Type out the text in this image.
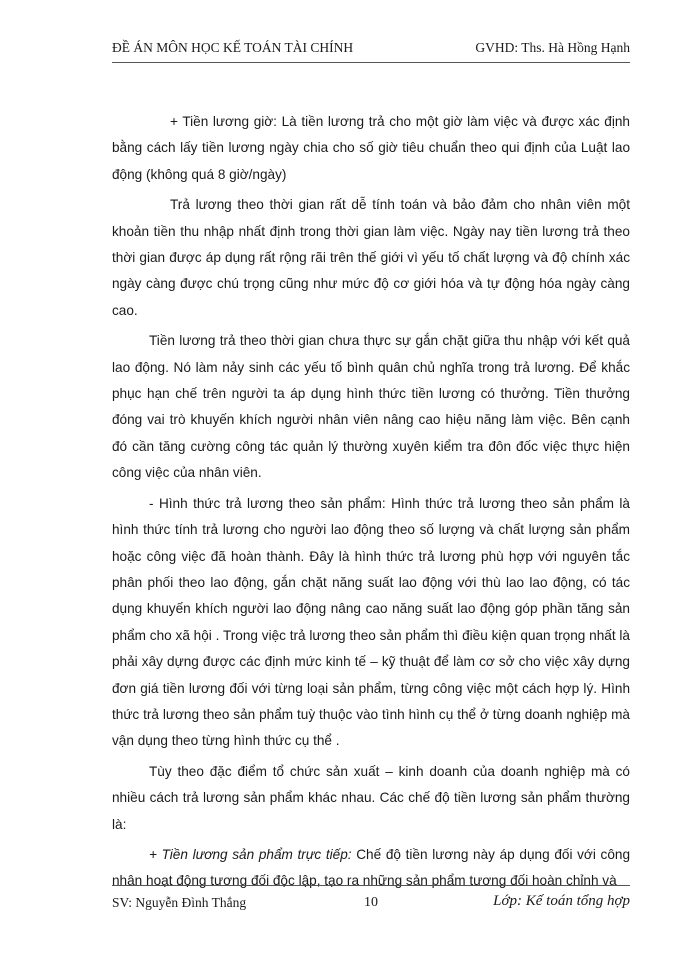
ĐỀ ÁN MÔN HỌC KẾ TOÁN TÀI CHÍNH	GVHD: Ths. Hà Hồng Hạnh

+ Tiền lương giờ: Là tiền lương trả cho một giờ làm việc và được xác định bằng cách lấy tiền lương ngày chia cho số giờ tiêu chuẩn theo qui định của Luật lao động (không quá 8 giờ/ngày)

Trả lương theo thời gian rất dễ tính toán và bảo đảm cho nhân viên một khoản tiền thu nhập nhất định trong thời gian làm việc. Ngày nay tiền lương trả theo thời gian được áp dụng rất rộng rãi trên thế giới vì yếu tố chất lượng và độ chính xác ngày càng được chú trọng cũng như mức độ cơ giới hóa và tự động hóa ngày càng cao.

Tiền lương trả theo thời gian chưa thực sự gắn chặt giữa thu nhập với kết quả lao động. Nó làm nảy sinh các yếu tố bình quân chủ nghĩa trong trả lương. Để khắc phục hạn chế trên người ta áp dụng hình thức tiền lương có thưởng. Tiền thưởng đóng vai trò khuyến khích người nhân viên nâng cao hiệu năng làm việc. Bên cạnh đó cần tăng cường công tác quản lý thường xuyên kiểm tra đôn đốc việc thực hiện công việc của nhân viên.

- Hình thức trả lương theo sản phẩm: Hình thức trả lương theo sản phẩm là hình thức tính trả lương cho người lao động theo số lượng và chất lượng sản phẩm hoặc công việc đã hoàn thành. Đây là hình thức trả lương phù hợp với nguyên tắc phân phối theo lao động, gắn chặt năng suất lao động với thù lao lao động, có tác dụng khuyến khích người lao động nâng cao năng suất lao động góp phần tăng sản phẩm cho xã hội . Trong việc trả lương theo sản phẩm thì điều kiện quan trọng nhất là phải xây dựng được các định mức kinh tế – kỹ thuật để làm cơ sở cho việc xây dựng đơn giá tiền lương đối với từng loại sản phẩm, từng công việc một cách hợp lý. Hình thức trả lương theo sản phẩm tuỳ thuộc vào tình hình cụ thể ở từng doanh nghiệp mà vận dụng theo từng hình thức cụ thể .

Tùy theo đặc điểm tổ chức sản xuất – kinh doanh của doanh nghiệp mà có nhiều cách trả lương sản phẩm khác nhau. Các chế độ tiền lương sản phẩm thường là:

+ Tiền lương sản phẩm trực tiếp: Chế độ tiền lương này áp dụng đối với công nhân hoạt động tương đối độc lập, tạo ra những sản phẩm tương đối hoàn chỉnh và

SV: Nguyễn Đình Thắng	10	Lớp: Kế toán tổng hợp
